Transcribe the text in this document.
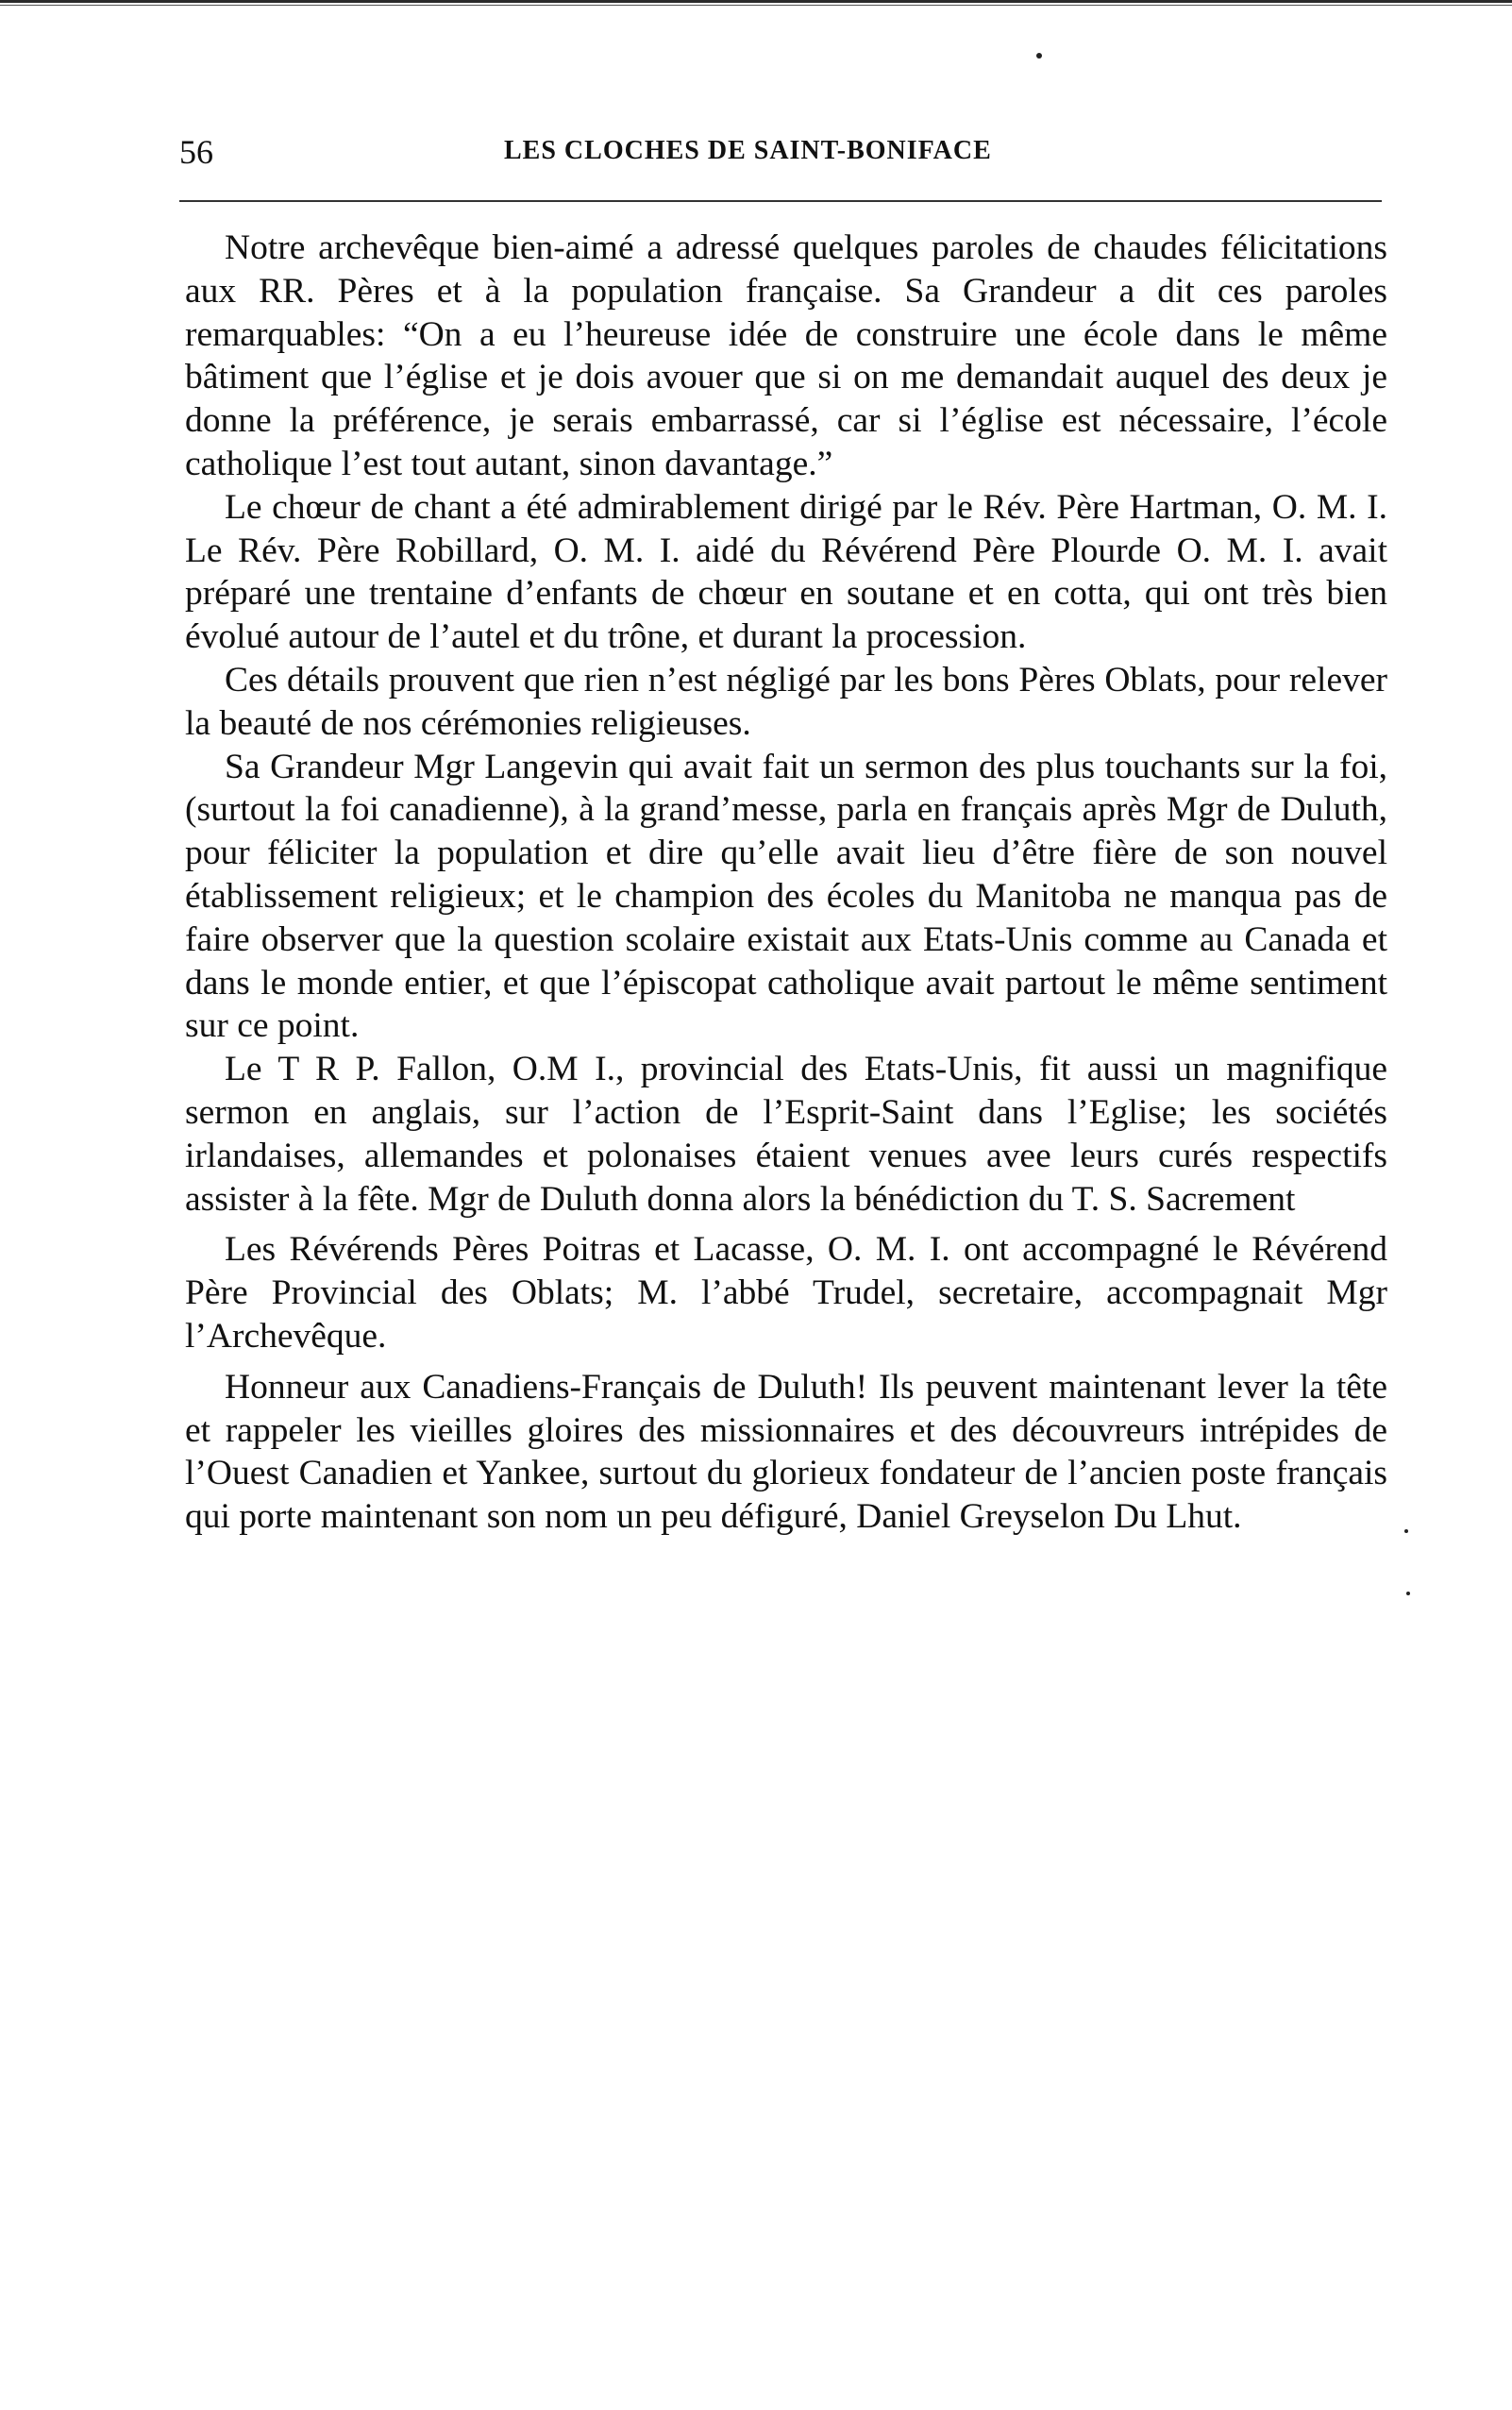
56	LES CLOCHES DE SAINT-BONIFACE

Notre archevêque bien-aimé a adressé quelques paroles de chaudes félicitations aux RR. Pères et à la population française. Sa Grandeur a dit ces paroles remarquables: “On a eu l’heureuse idée de construire une école dans le même bâtiment que l’église et je dois avouer que si on me demandait auquel des deux je donne la préférence, je serais embarrassé, car si l’église est nécessaire, l’école catholique l’est tout autant, sinon davantage.”

Le chœur de chant a été admirablement dirigé par le Rév. Père Hartman, O. M. I. Le Rév. Père Robillard, O. M. I. aidé du Révérend Père Plourde O. M. I. avait préparé une trentaine d’enfants de chœur en soutane et en cotta, qui ont très bien évolué autour de l’autel et du trône, et durant la procession.

Ces détails prouvent que rien n’est négligé par les bons Pères Oblats, pour relever la beauté de nos cérémonies religieuses.

Sa Grandeur Mgr Langevin qui avait fait un sermon des plus touchants sur la foi, (surtout la foi canadienne), à la grand’messe, parla en français après Mgr de Duluth, pour féliciter la population et dire qu’elle avait lieu d’être fière de son nouvel établissement religieux; et le champion des écoles du Manitoba ne manqua pas de faire observer que la question scolaire existait aux Etats-Unis comme au Canada et dans le monde entier, et que l’épiscopat catholique avait partout le même sentiment sur ce point.

Le T R P. Fallon, O.M I., provincial des Etats-Unis, fit aussi un magnifique sermon en anglais, sur l’action de l’Esprit-Saint dans l’Eglise; les sociétés irlandaises, allemandes et polonaises étaient venues avee leurs curés respectifs assister à la fête. Mgr de Duluth donna alors la bénédiction du T. S. Sacrement

Les Révérends Pères Poitras et Lacasse, O. M. I. ont accompagné le Révérend Père Provincial des Oblats; M. l’abbé Trudel, secretaire, accompagnait Mgr l’Archevêque.

Honneur aux Canadiens-Français de Duluth! Ils peuvent maintenant lever la tête et rappeler les vieilles gloires des missionnaires et des découvreurs intrépides de l’Ouest Canadien et Yankee, surtout du glorieux fondateur de l’ancien poste français qui porte maintenant son nom un peu défiguré, Daniel Greyselon Du Lhut.
